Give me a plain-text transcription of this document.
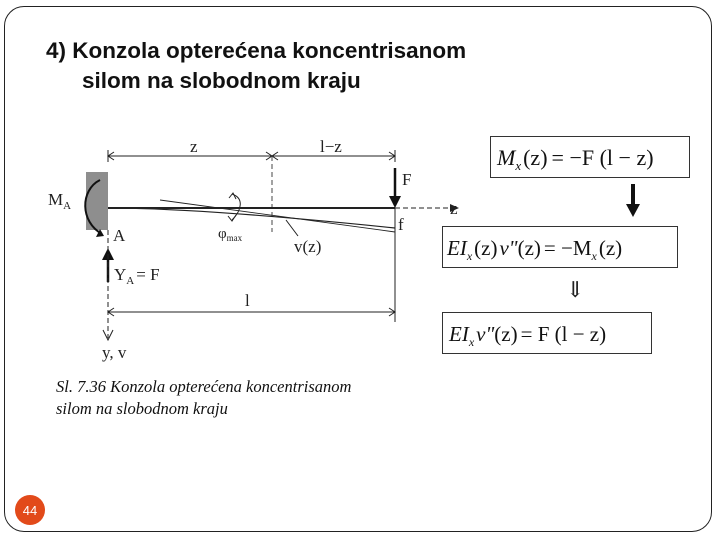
4) Konzola opterećena koncentrisanom
silom na slobodnom kraju
z	l−z
z
F
f
$M_A$
A	$\varphi_{max}$	v(z)
$Y_A = F$
y, v
l
Sl. 7.36 Konzola opterećena koncentrisanom
silom na slobodnom kraju
$M_x(z) = -F$ (l − z)
$EI_x(z)v"(z) = -M_x(z)$
⇓
$EI_xv"(z) = F$ (l − z)
44
